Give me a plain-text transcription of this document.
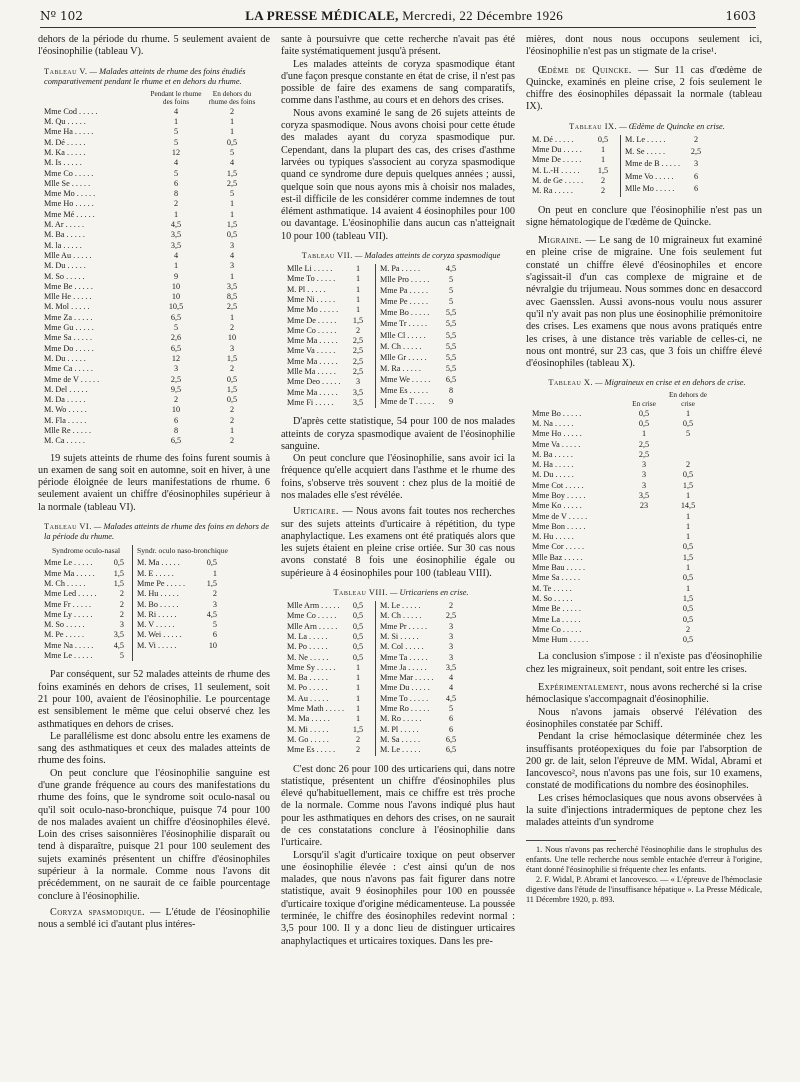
Nº 102	LA PRESSE MÉDICALE, Mercredi, 22 Décembre 1926	1603

dehors de la période du rhume. 5 seulement avaient de l'éosinophilie (tableau V).

Tableau V. — Malades atteints de rhume des foins étudiés comparativement pendant le rhume et en dehors du rhume.
	Pendant le rhume des foins	En dehors du rhume des foins
Mme Cod . . . . .	4	2
M. Qu . . . . .	1	1
Mme Ha . . . . .	5	1
M. Dé . . . . .	5	0,5
M. Ka . . . . .	12	5
M. Is . . . . .	4	4
Mme Co . . . . .	5	1,5
Mlle Se . . . . .	6	2,5
Mme Mo . . . . .	8	5
Mme Ho . . . . .	2	1
Mme Mé . . . . .	1	1
M. Ar . . . . .	4,5	1,5
M. Ba . . . . .	3,5	0,5
M. la . . . . .	3,5	3
Mlle Au . . . . .	4	4
M. Du . . . . .	1	3
M. So . . . . .	9	1
Mme Be . . . . .	10	3,5
Mlle He . . . . .	10	8,5
M. Mol . . . . .	10,5	2,5
Mme Za . . . . .	6,5	1
Mme Gu . . . . .	5	2
Mme Sa . . . . .	2,6	10
Mme Do . . . . .	6,5	3
M. Du . . . . .	12	1,5
Mme Ca . . . . .	3	2
Mme de V . . . . .	2,5	0,5
M. Del . . . . .	9,5	1,5
M. Da . . . . .	2	0,5
M. Wo . . . . .	10	2
M. Fla . . . . .	6	2
Mlle Re . . . . .	8	1
M. Ca . . . . .	6,5	2

19 sujets atteints de rhume des foins furent soumis à un examen de sang soit en automne, soit en hiver, à une période éloignée de leurs manifestations de rhume. 6 seulement avaient un chiffre d'éosinophiles supérieur à la normale (tableau VI).

Tableau VI. — Malades atteints de rhume des foins en dehors de la période du rhume.
Syndrome oculo-nasal
Mme Le . . . . .	0,5
Mme Ma . . . . .	1,5
M. Ch . . . . .	1,5
Mme Led . . . . .	2
Mme Fr . . . . .	2
Mme Ly . . . . .	2
M. So . . . . .	3
M. Pe . . . . .	3,5
Mme Na . . . . .	4,5
Mme Le . . . . .	5
Syndr. oculo naso-bronchique
M. Ma . . . . .	0,5
M. E . . . . .	1
Mme Pe . . . . .	1,5
M. Hu . . . . .	2
M. Bo . . . . .	3
M. Ri . . . . .	4,5
M. V . . . . .	5
M. Wei . . . . .	6
M. Vi . . . . .	10

Par conséquent, sur 52 malades atteints de rhume des foins examinés en dehors de crises, 11 seulement, soit 21 pour 100, avaient de l'éosinophilie. Le pourcentage est sensiblement le même que celui observé chez les asthmatiques en dehors de crises.

Le parallélisme est donc absolu entre les examens de sang des asthmatiques et ceux des malades atteints de rhume des foins.

On peut conclure que l'éosinophilie sanguine est d'une grande fréquence au cours des manifestations du rhume des foins, que le syndrome soit oculo-nasal ou qu'il soit oculo-naso-bronchique, puisque 74 pour 100 de nos malades avaient un chiffre d'éosinophiles élevé. Loin des crises saisonnières l'éosinophilie disparaît ou tend à disparaître, puisque 21 pour 100 seulement des sujets examinés présentent un chiffre d'éosinophiles supérieur à la normale. Comme nous l'avons dit précédemment, on ne saurait de ce faible pourcentage conclure à l'éosinophilie.

Coryza spasmodique. — L'étude de l'éosinophilie nous a semblé ici d'autant plus intéres-

sante à poursuivre que cette recherche n'avait pas été faite systématiquement jusqu'à présent.

Les malades atteints de coryza spasmodique étant d'une façon presque constante en état de crise, il n'est pas possible de faire des examens de sang comparatifs, comme dans l'asthme, au cours et en dehors des crises.

Nous avons examiné le sang de 26 sujets atteints de coryza spasmodique. Nous avons choisi pour cette étude des malades ayant du coryza spasmodique pur. Cependant, dans la plupart des cas, des crises d'asthme larvées ou typiques s'associent au coryza spasmodique quand ce syndrome dure depuis quelques années ; aussi, quelque soin que nous ayons mis à choisir nos malades, est-il difficile de les considérer comme indemnes de tout élément asthmatique. 14 avaient 4 éosinophiles pour 100 ou davantage. L'éosinophilie dans aucun cas n'atteignait 10 pour 100 (tableau VII).

Tableau VII. — Malades atteints de coryza spasmodique
Mlle Li . . . . .	1
Mme To . . . . .	1
M. Pl . . . . .	1
Mme Ni . . . . .	1
Mme Mo . . . . .	1
Mme De . . . . .	1,5
Mme Co . . . . .	2
Mme Ma . . . . .	2,5
Mme Va . . . . .	2,5
Mme Ma . . . . .	2,5
Mlle Ma . . . . .	2,5
Mme Deo . . . . .	3
Mme Ma . . . . .	3,5
Mme Fi . . . . .	3,5
M. Pa . . . . .	4,5
Mlle Pro . . . . .	5
Mme Pa . . . . .	5
Mme Pe . . . . .	5
Mme Bo . . . . .	5,5
Mme Tr . . . . .	5,5
Mlle Cl . . . . .	5,5
M. Ch . . . . .	5,5
Mlle Gr . . . . .	5,5
M. Ra . . . . .	5,5
Mme We . . . . .	6,5
Mme Es . . . . .	8
Mme de T . . . . .	9

D'après cette statistique, 54 pour 100 de nos malades atteints de coryza spasmodique avaient de l'éosinophilie sanguine.

On peut conclure que l'éosinophilie, sans avoir ici la fréquence qu'elle acquiert dans l'asthme et le rhume des foins, s'observe très souvent : chez plus de la moitié de nos malades elle s'est révélée.

Urticaire. — Nous avons fait toutes nos recherches sur des sujets atteints d'urticaire à répétition, du type anaphylactique. Les examens ont été pratiqués alors que les sujets étaient en pleine crise ortiée. Sur 30 cas nous avons constaté 8 fois une éosinophilie égale ou supérieure à 4 éosinophiles pour 100 (tableau VIII).

Tableau VIII. — Urticariens en crise.
Mlle Arm . . . . .	0,5
Mme Co . . . . .	0,5
Mlle Arn . . . . .	0,5
M. La . . . . .	0,5
M. Po . . . . .	0,5
M. Ne . . . . .	0,5
Mme Sy . . . . .	1
M. Ba . . . . .	1
M. Po . . . . .	1
M. Au . . . . .	1
Mme Math . . . . .	1
M. Ma . . . . .	1
M. Mi . . . . .	1,5
M. Go . . . . .	2
Mme Es . . . . .	2
M. Le . . . . .	2
M. Ch . . . . .	2,5
Mme Pr . . . . .	3
M. Si . . . . .	3
M. Col . . . . .	3
Mme Ta . . . . .	3
Mme Ja . . . . .	3,5
Mme Mar . . . . .	4
Mme Du . . . . .	4
Mme To . . . . .	4,5
Mme Ro . . . . .	5
M. Ro . . . . .	6
M. Pl . . . . .	6
M. Sa . . . . .	6,5
M. Le . . . . .	6,5

C'est donc 26 pour 100 des urticariens qui, dans notre statistique, présentent un chiffre d'éosinophiles plus élevé qu'habituellement, mais ce chiffre est très proche de la normale. Comme nous l'avons indiqué plus haut pour les asthmatiques en dehors des crises, on ne saurait de ces constatations conclure à l'éosinophilie dans l'urticaire.

Lorsqu'il s'agit d'urticaire toxique on peut observer une éosinophilie élevée : c'est ainsi qu'un de nos malades, que nous n'avons pas fait figurer dans notre statistique, avait 9 éosinophiles pour 100 en poussée d'urticaire toxique d'origine médicamenteuse. La poussée terminée, le chiffre des éosinophiles redevint normal : 3,5 pour 100. Il y a donc lieu de distinguer urticaires anaphylactiques et urticaires toxiques. Dans les pre-

mières, dont nous nous occupons seulement ici, l'éosinophilie n'est pas un stigmate de la crise¹.

Œdème de Quincke. — Sur 11 cas d'œdème de Quincke, examinés en pleine crise, 2 fois seulement le chiffre des éosinophiles dépassait la normale (tableau IX).

Tableau IX. — Œdème de Quincke en crise.
M. Dé . . . . .	0,5
Mme Du . . . . .	1
Mme De . . . . .	1
M. L.-H . . . . .	1,5
M. de Ge . . . . .	2
M. Ra . . . . .	2
M. Le . . . . .	2
M. Se . . . . .	2,5
Mme de B . . . . .	3
Mme Vo . . . . .	6
Mlle Mo . . . . .	6

On peut en conclure que l'éosinophilie n'est pas un signe hématologique de l'œdème de Quincke.

Migraine. — Le sang de 10 migraineux fut examiné en pleine crise de migraine. Une fois seulement fut constaté un chiffre élevé d'éosinophiles et encore s'agissait-il d'un cas complexe de migraine et de névralgie du trijumeau. Nous sommes donc en desaccord avec Gaensslen. Aussi avons-nous voulu nous assurer qu'il n'y avait pas non plus une éosinophilie prémonitoire des crises. Les examens que nous avons pratiqués entre les crises, à une distance très variable de celles-ci, ne nous ont montré, sur 23 cas, que 3 fois un chiffre élevé d'éosinophiles (tableau X).

Tableau X. — Migraineux en crise et en dehors de crise.
	En crise	En dehors de crise
Mme Bo . . . . .	0,5	1
M. Na . . . . .	0,5	0,5
Mme Ho . . . . .	1	5
Mme Va . . . . .	2,5	
M. Ba . . . . .	2,5	
M. Ha . . . . .	3	2
M. Du . . . . .	3	0,5
Mme Cot . . . . .	3	1,5
Mme Boy . . . . .	3,5	1
Mme Ko . . . . .	23	14,5
Mme de V . . . . .		1
Mme Bon . . . . .		1
M. Hu . . . . .		1
Mme Cor . . . . .		0,5
Mlle Baz . . . . .		1,5
Mme Bau . . . . .		1
Mme Sa . . . . .		0,5
M. Te . . . . .		1
M. So . . . . .		1,5
Mme Be . . . . .		0,5
Mme La . . . . .		0,5
Mme Co . . . . .		2
Mme Hum . . . . .		0,5

La conclusion s'impose : il n'existe pas d'éosinophilie chez les migraineux, soit pendant, soit entre les crises.

Expérimentalement, nous avons recherché si la crise hémoclasique s'accompagnait d'éosinophilie.

Nous n'avons jamais observé l'élévation des éosinophiles constatée par Schiff.

Pendant la crise hémoclasique déterminée chez les insuffisants protéopexiques du foie par l'absorption de 200 gr. de lait, selon l'épreuve de MM. Widal, Abrami et Iancovesco², nous n'avons pas une fois, sur 10 examens, constaté de modifications du nombre des éosinophiles.

Les crises hémoclasiques que nous avons observées à la suite d'injections intradermiques de peptone chez les malades atteints d'un syndrome

1. Nous n'avons pas recherché l'éosinophilie dans le strophulus des enfants. Une telle recherche nous semble entachée d'erreur à l'origine, étant donné l'éosinophilie si fréquente chez les enfants.
2. F. Widal, P. Abrami et Iancovesco. — « L'épreuve de l'hémoclasie digestive dans l'étude de l'insuffisance hépatique ». La Presse Médicale, 11 Décembre 1920, p. 893.
